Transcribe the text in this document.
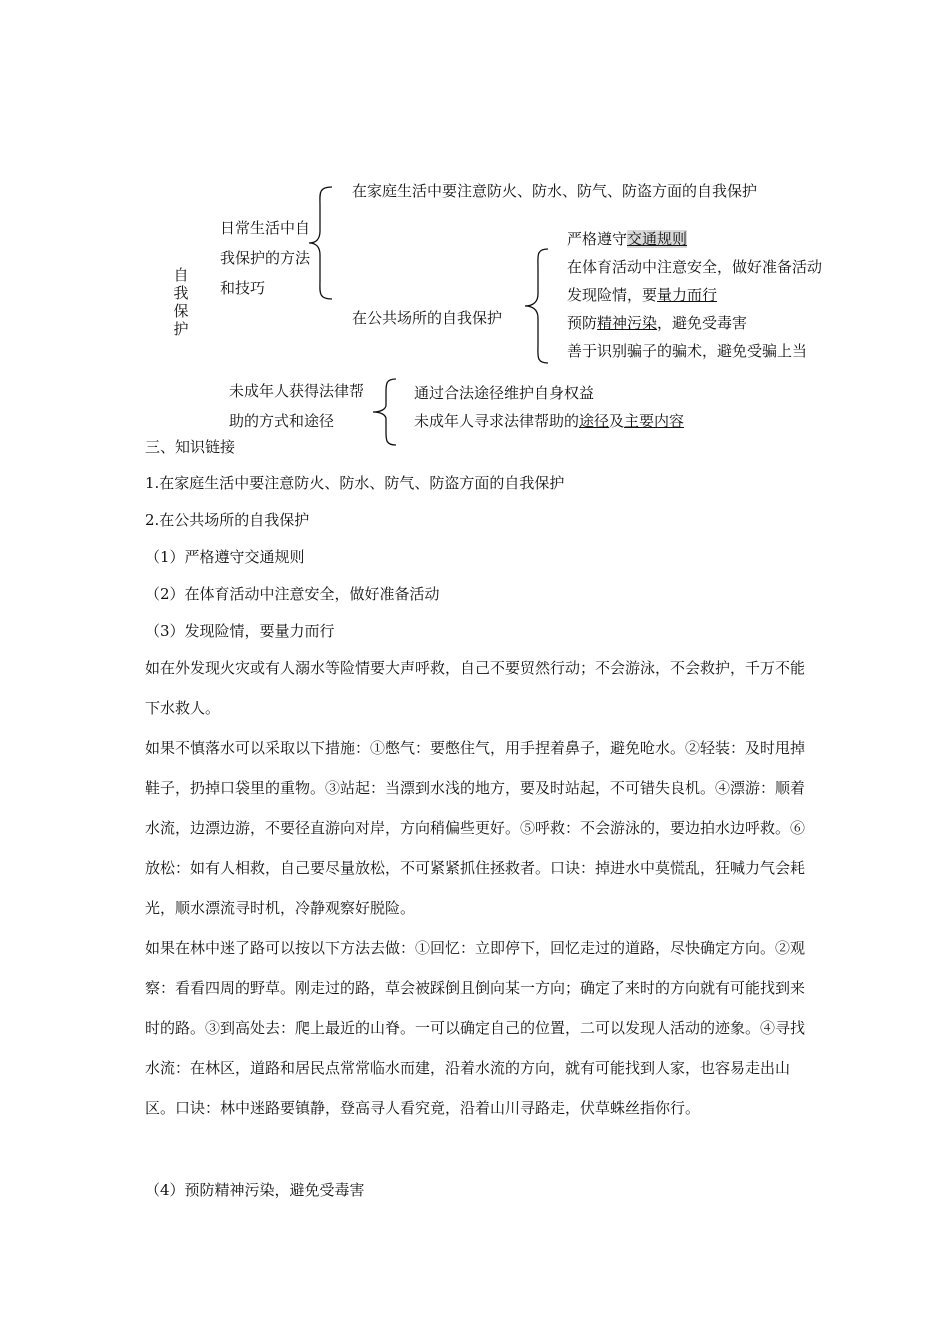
自我保护
日常生活中自我保护的方法和技巧
在家庭生活中要注意防火、防水、防气、防盗方面的自我保护
在公共场所的自我保护
严格遵守交通规则
在体育活动中注意安全，做好准备活动
发现险情，要量力而行
预防精神污染，避免受毒害
善于识别骗子的骗术，避免受骗上当
未成年人获得法律帮助的方式和途径
通过合法途径维护自身权益
未成年人寻求法律帮助的途径及主要内容
三、知识链接
1.在家庭生活中要注意防火、防水、防气、防盗方面的自我保护
2.在公共场所的自我保护
（1）严格遵守交通规则
（2）在体育活动中注意安全，做好准备活动
（3）发现险情，要量力而行

如在外发现火灾或有人溺水等险情要大声呼救，自己不要贸然行动；不会游泳，不会救护，千万不能下水救人。

如果不慎落水可以采取以下措施：①憋气：要憋住气，用手捏着鼻子，避免呛水。②轻装：及时甩掉鞋子，扔掉口袋里的重物。③站起：当漂到水浅的地方，要及时站起，不可错失良机。④漂游：顺着水流，边漂边游，不要径直游向对岸，方向稍偏些更好。⑤呼救：不会游泳的，要边拍水边呼救。⑥放松：如有人相救，自己要尽量放松，不可紧紧抓住拯救者。口诀：掉进水中莫慌乱，狂喊力气会耗光，顺水漂流寻时机，冷静观察好脱险。

如果在林中迷了路可以按以下方法去做：①回忆：立即停下，回忆走过的道路，尽快确定方向。②观察：看看四周的野草。刚走过的路，草会被踩倒且倒向某一方向；确定了来时的方向就有可能找到来时的路。③到高处去：爬上最近的山脊。一可以确定自己的位置，二可以发现人活动的迹象。④寻找水流：在林区，道路和居民点常常临水而建，沿着水流的方向，就有可能找到人家，也容易走出山区。口诀：林中迷路要镇静，登高寻人看究竟，沿着山川寻路走，伏草蛛丝指你行。

（4）预防精神污染，避免受毒害
